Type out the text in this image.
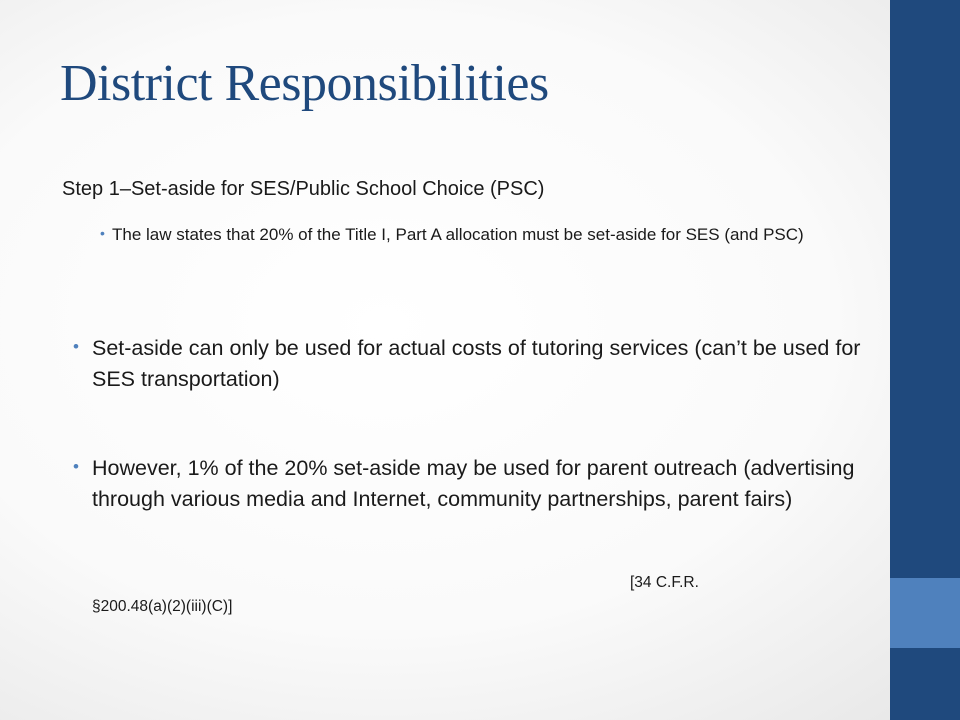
District Responsibilities
Step 1–Set-aside for SES/Public School Choice (PSC)
• The law states that 20% of the Title I, Part A allocation must be set-aside for SES (and PSC)
• Set-aside can only be used for actual costs of tutoring services (can’t be used for SES transportation)
• However, 1% of the 20% set-aside may be used for parent outreach (advertising through various media and Internet, community partnerships, parent fairs)
[34 C.F.R.
§200.48(a)(2)(iii)(C)]
